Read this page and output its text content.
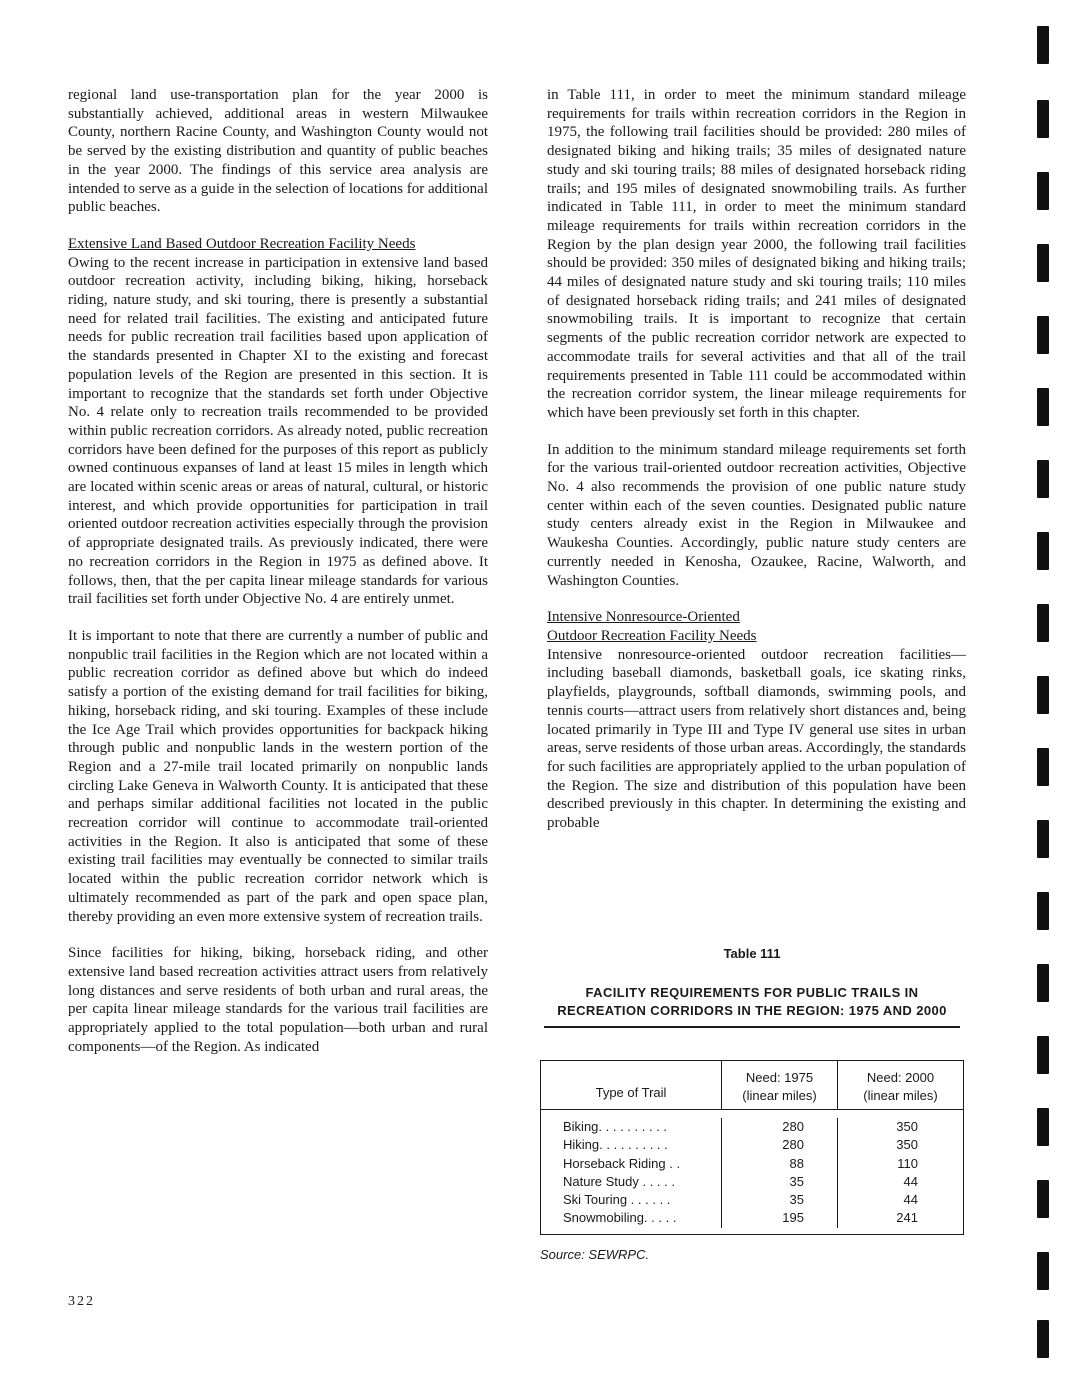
regional land use-transportation plan for the year 2000 is substantially achieved, additional areas in western Milwaukee County, northern Racine County, and Washington County would not be served by the existing distribution and quantity of public beaches in the year 2000. The findings of this service area analysis are intended to serve as a guide in the selection of locations for additional public beaches.

Extensive Land Based Outdoor Recreation Facility Needs

Owing to the recent increase in participation in extensive land based outdoor recreation activity, including biking, hiking, horseback riding, nature study, and ski touring, there is presently a substantial need for related trail facilities. The existing and anticipated future needs for public recreation trail facilities based upon application of the standards presented in Chapter XI to the existing and forecast population levels of the Region are presented in this section. It is important to recognize that the standards set forth under Objective No. 4 relate only to recreation trails recommended to be provided within public recreation corridors. As already noted, public recreation corridors have been defined for the purposes of this report as publicly owned continuous expanses of land at least 15 miles in length which are located within scenic areas or areas of natural, cultural, or historic interest, and which provide opportunities for participation in trail oriented outdoor recreation activities especially through the provision of appropriate designated trails. As previously indicated, there were no recreation corridors in the Region in 1975 as defined above. It follows, then, that the per capita linear mileage standards for various trail facilities set forth under Objective No. 4 are entirely unmet.

It is important to note that there are currently a number of public and nonpublic trail facilities in the Region which are not located within a public recreation corridor as defined above but which do indeed satisfy a portion of the existing demand for trail facilities for biking, hiking, horseback riding, and ski touring. Examples of these include the Ice Age Trail which provides opportunities for backpack hiking through public and nonpublic lands in the western portion of the Region and a 27-mile trail located primarily on nonpublic lands circling Lake Geneva in Walworth County. It is anticipated that these and perhaps similar additional facilities not located in the public recreation corridor will continue to accommodate trail-oriented activities in the Region. It also is anticipated that some of these existing trail facilities may eventually be connected to similar trails located within the public recreation corridor network which is ultimately recommended as part of the park and open space plan, thereby providing an even more extensive system of recreation trails.

Since facilities for hiking, biking, horseback riding, and other extensive land based recreation activities attract users from relatively long distances and serve residents of both urban and rural areas, the per capita linear mileage standards for the various trail facilities are appropriately applied to the total population—both urban and rural components—of the Region. As indicated

in Table 111, in order to meet the minimum standard mileage requirements for trails within recreation corridors in the Region in 1975, the following trail facilities should be provided: 280 miles of designated biking and hiking trails; 35 miles of designated nature study and ski touring trails; 88 miles of designated horseback riding trails; and 195 miles of designated snowmobiling trails. As further indicated in Table 111, in order to meet the minimum standard mileage requirements for trails within recreation corridors in the Region by the plan design year 2000, the following trail facilities should be provided: 350 miles of designated biking and hiking trails; 44 miles of designated nature study and ski touring trails; 110 miles of designated horseback riding trails; and 241 miles of designated snowmobiling trails. It is important to recognize that certain segments of the public recreation corridor network are expected to accommodate trails for several activities and that all of the trail requirements presented in Table 111 could be accommodated within the recreation corridor system, the linear mileage requirements for which have been previously set forth in this chapter.

In addition to the minimum standard mileage requirements set forth for the various trail-oriented outdoor recreation activities, Objective No. 4 also recommends the provision of one public nature study center within each of the seven counties. Designated public nature study centers already exist in the Region in Milwaukee and Waukesha Counties. Accordingly, public nature study centers are currently needed in Kenosha, Ozaukee, Racine, Walworth, and Washington Counties.

Intensive Nonresource-Oriented
Outdoor Recreation Facility Needs

Intensive nonresource-oriented outdoor recreation facilities—including baseball diamonds, basketball goals, ice skating rinks, playfields, playgrounds, softball diamonds, swimming pools, and tennis courts—attract users from relatively short distances and, being located primarily in Type III and Type IV general use sites in urban areas, serve residents of those urban areas. Accordingly, the standards for such facilities are appropriately applied to the urban population of the Region. The size and distribution of this population have been described previously in this chapter. In determining the existing and probable

Table 111
FACILITY REQUIREMENTS FOR PUBLIC TRAILS IN
RECREATION CORRIDORS IN THE REGION: 1975 AND 2000
Type of Trail
Need: 1975
(linear miles)
Need: 2000
(linear miles)
Biking. . . . . . . . . .
Hiking. . . . . . . . . .
Horseback Riding . .
Nature Study . . . . .
Ski Touring . . . . . .
Snowmobiling. . . . .
280
280
88
35
35
195
350
350
110
44
44
241
Source: SEWRPC.
322
